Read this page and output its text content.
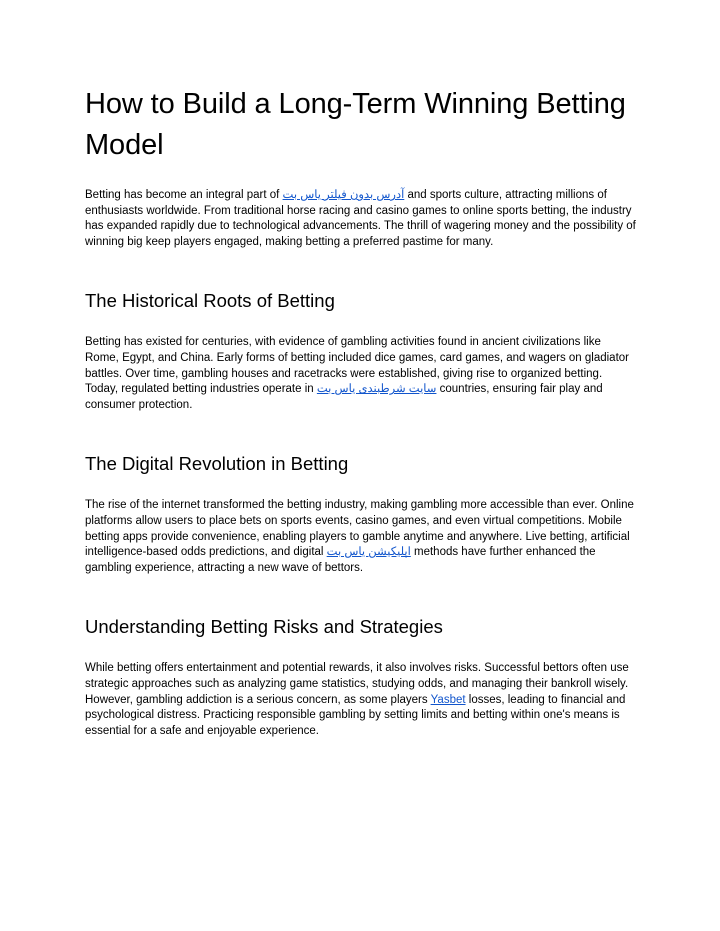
How to Build a Long-Term Winning Betting Model

Betting has become an integral part of آدرس بدون فیلتر یاس بت and sports culture, attracting millions of enthusiasts worldwide. From traditional horse racing and casino games to online sports betting, the industry has expanded rapidly due to technological advancements. The thrill of wagering money and the possibility of winning big keep players engaged, making betting a preferred pastime for many.

The Historical Roots of Betting

Betting has existed for centuries, with evidence of gambling activities found in ancient civilizations like Rome, Egypt, and China. Early forms of betting included dice games, card games, and wagers on gladiator battles. Over time, gambling houses and racetracks were established, giving rise to organized betting. Today, regulated betting industries operate in سایت شرطبندی یاس بت countries, ensuring fair play and consumer protection.

The Digital Revolution in Betting

The rise of the internet transformed the betting industry, making gambling more accessible than ever. Online platforms allow users to place bets on sports events, casino games, and even virtual competitions. Mobile betting apps provide convenience, enabling players to gamble anytime and anywhere. Live betting, artificial intelligence-based odds predictions, and digital اپلیکیشن یاس بت methods have further enhanced the gambling experience, attracting a new wave of bettors.

Understanding Betting Risks and Strategies

While betting offers entertainment and potential rewards, it also involves risks. Successful bettors often use strategic approaches such as analyzing game statistics, studying odds, and managing their bankroll wisely. However, gambling addiction is a serious concern, as some players Yasbet losses, leading to financial and psychological distress. Practicing responsible gambling by setting limits and betting within one's means is essential for a safe and enjoyable experience.
